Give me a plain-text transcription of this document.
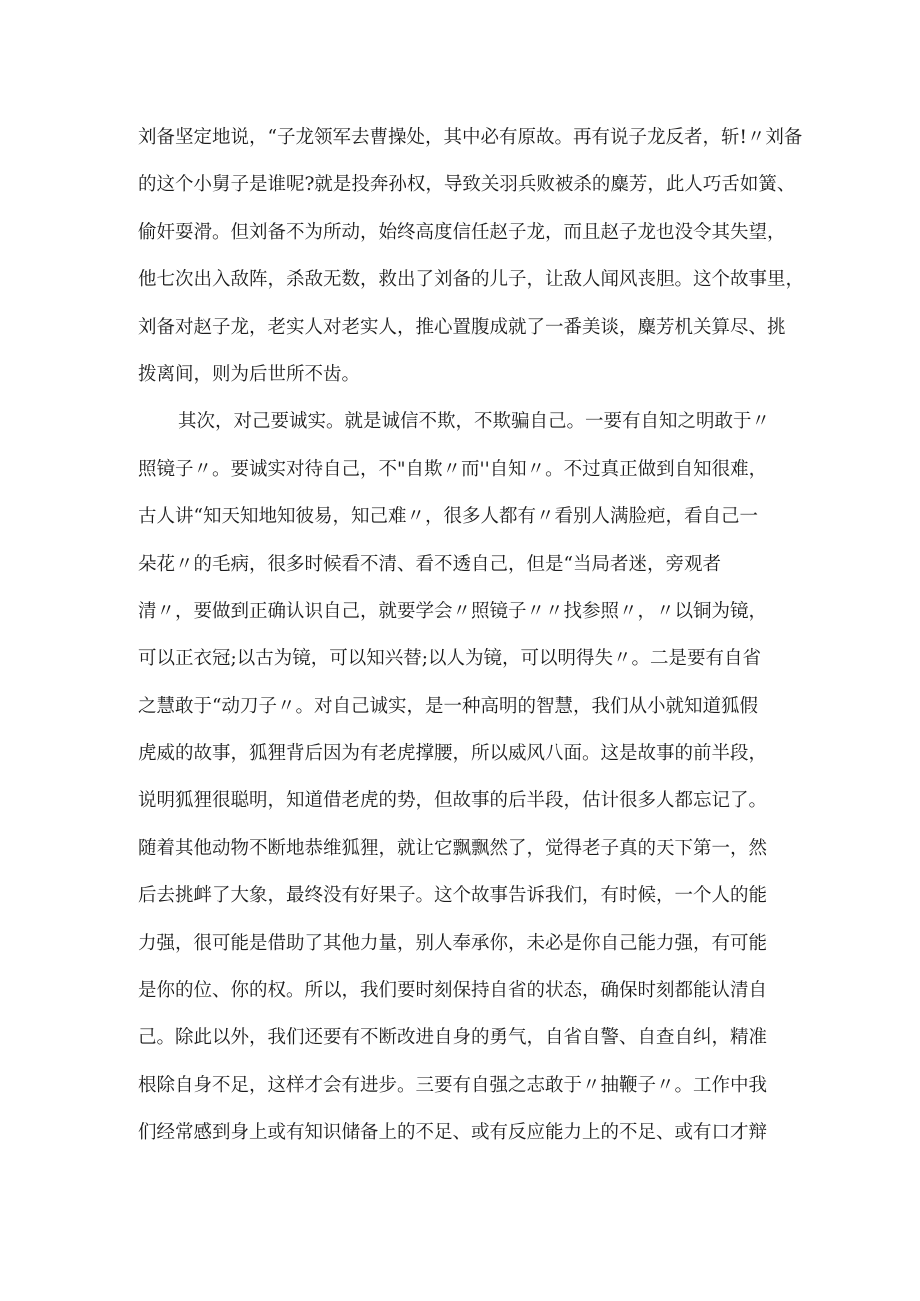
刘备坚定地说，“子龙领军去曹操处，其中必有原故。再有说子龙反者，斩!〃刘备
的这个小舅子是谁呢?就是投奔孙权，导致关羽兵败被杀的麋芳，此人巧舌如簧、
偷奸耍滑。但刘备不为所动，始终高度信任赵子龙，而且赵子龙也没令其失望，
他七次出入敌阵，杀敌无数，救出了刘备的儿子，让敌人闻风丧胆。这个故事里，
刘备对赵子龙，老实人对老实人，推心置腹成就了一番美谈，麋芳机关算尽、挑
拨离间，则为后世所不齿。
其次，对己要诚实。就是诚信不欺，不欺骗自己。一要有自知之明敢于〃
照镜子〃。要诚实对待自己，不"自欺〃而''自知〃。不过真正做到自知很难，
古人讲“知天知地知彼易，知己难〃，很多人都有〃看别人满脸疤，看自己一
朵花〃的毛病，很多时候看不清、看不透自己，但是“当局者迷，旁观者
清〃，要做到正确认识自己，就要学会〃照镜子〃〃找参照〃，〃以铜为镜，
可以正衣冠;以古为镜，可以知兴替;以人为镜，可以明得失〃。二是要有自省
之慧敢于“动刀子〃。对自己诚实，是一种高明的智慧，我们从小就知道狐假
虎威的故事，狐狸背后因为有老虎撑腰，所以威风八面。这是故事的前半段，
说明狐狸很聪明，知道借老虎的势，但故事的后半段，估计很多人都忘记了。
随着其他动物不断地恭维狐狸，就让它飘飘然了，觉得老子真的天下第一，然
后去挑衅了大象，最终没有好果子。这个故事告诉我们，有时候，一个人的能
力强，很可能是借助了其他力量，别人奉承你，未必是你自己能力强，有可能
是你的位、你的权。所以，我们要时刻保持自省的状态，确保时刻都能认清自
己。除此以外，我们还要有不断改进自身的勇气，自省自警、自查自纠，精准
根除自身不足，这样才会有进步。三要有自强之志敢于〃抽鞭子〃。工作中我
们经常感到身上或有知识储备上的不足、或有反应能力上的不足、或有口才辩
